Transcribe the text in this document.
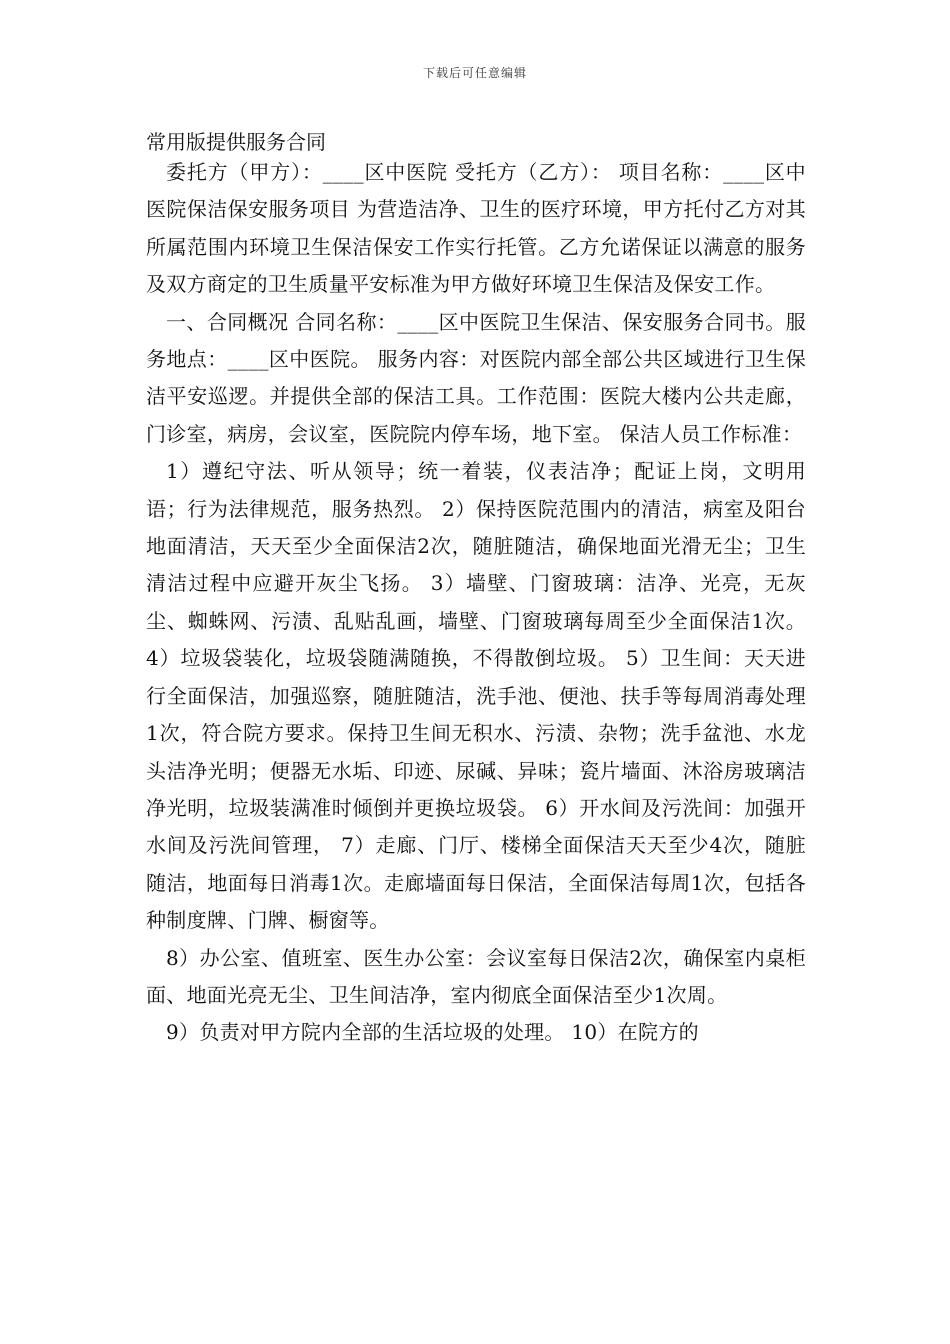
下载后可任意编辑
常用版提供服务合同

委托方（甲方）：____区中医院 受托方（乙方）： 项目名称：____区中医院保洁保安服务项目 为营造洁净、卫生的医疗环境，甲方托付乙方对其所属范围内环境卫生保洁保安工作实行托管。乙方允诺保证以满意的服务及双方商定的卫生质量平安标准为甲方做好环境卫生保洁及保安工作。

一、合同概况 合同名称：____区中医院卫生保洁、保安服务合同书。服务地点：____区中医院。 服务内容：对医院内部全部公共区域进行卫生保洁平安巡逻。并提供全部的保洁工具。工作范围：医院大楼内公共走廊，门诊室，病房，会议室，医院院内停车场，地下室。 保洁人员工作标准：

1）遵纪守法、听从领导；统一着装，仪表洁净；配证上岗，文明用语；行为法律规范，服务热烈。 2）保持医院范围内的清洁，病室及阳台地面清洁，天天至少全面保洁2次，随脏随洁，确保地面光滑无尘；卫生清洁过程中应避开灰尘飞扬。 3）墙壁、门窗玻璃：洁净、光亮，无灰尘、蜘蛛网、污渍、乱贴乱画，墙壁、门窗玻璃每周至少全面保洁1次。 4）垃圾袋装化，垃圾袋随满随换，不得散倒垃圾。 5）卫生间：天天进行全面保洁，加强巡察，随脏随洁，洗手池、便池、扶手等每周消毒处理1次，符合院方要求。保持卫生间无积水、污渍、杂物；洗手盆池、水龙头洁净光明；便器无水垢、印迹、尿碱、异味；瓷片墙面、沐浴房玻璃洁净光明，垃圾装满准时倾倒并更换垃圾袋。 6）开水间及污洗间：加强开水间及污洗间管理， 7）走廊、门厅、楼梯全面保洁天天至少4次，随脏随洁，地面每日消毒1次。走廊墙面每日保洁，全面保洁每周1次，包括各种制度牌、门牌、橱窗等。

8）办公室、值班室、医生办公室：会议室每日保洁2次，确保室内桌柜面、地面光亮无尘、卫生间洁净，室内彻底全面保洁至少1次周。

9）负责对甲方院内全部的生活垃圾的处理。 10）在院方的
